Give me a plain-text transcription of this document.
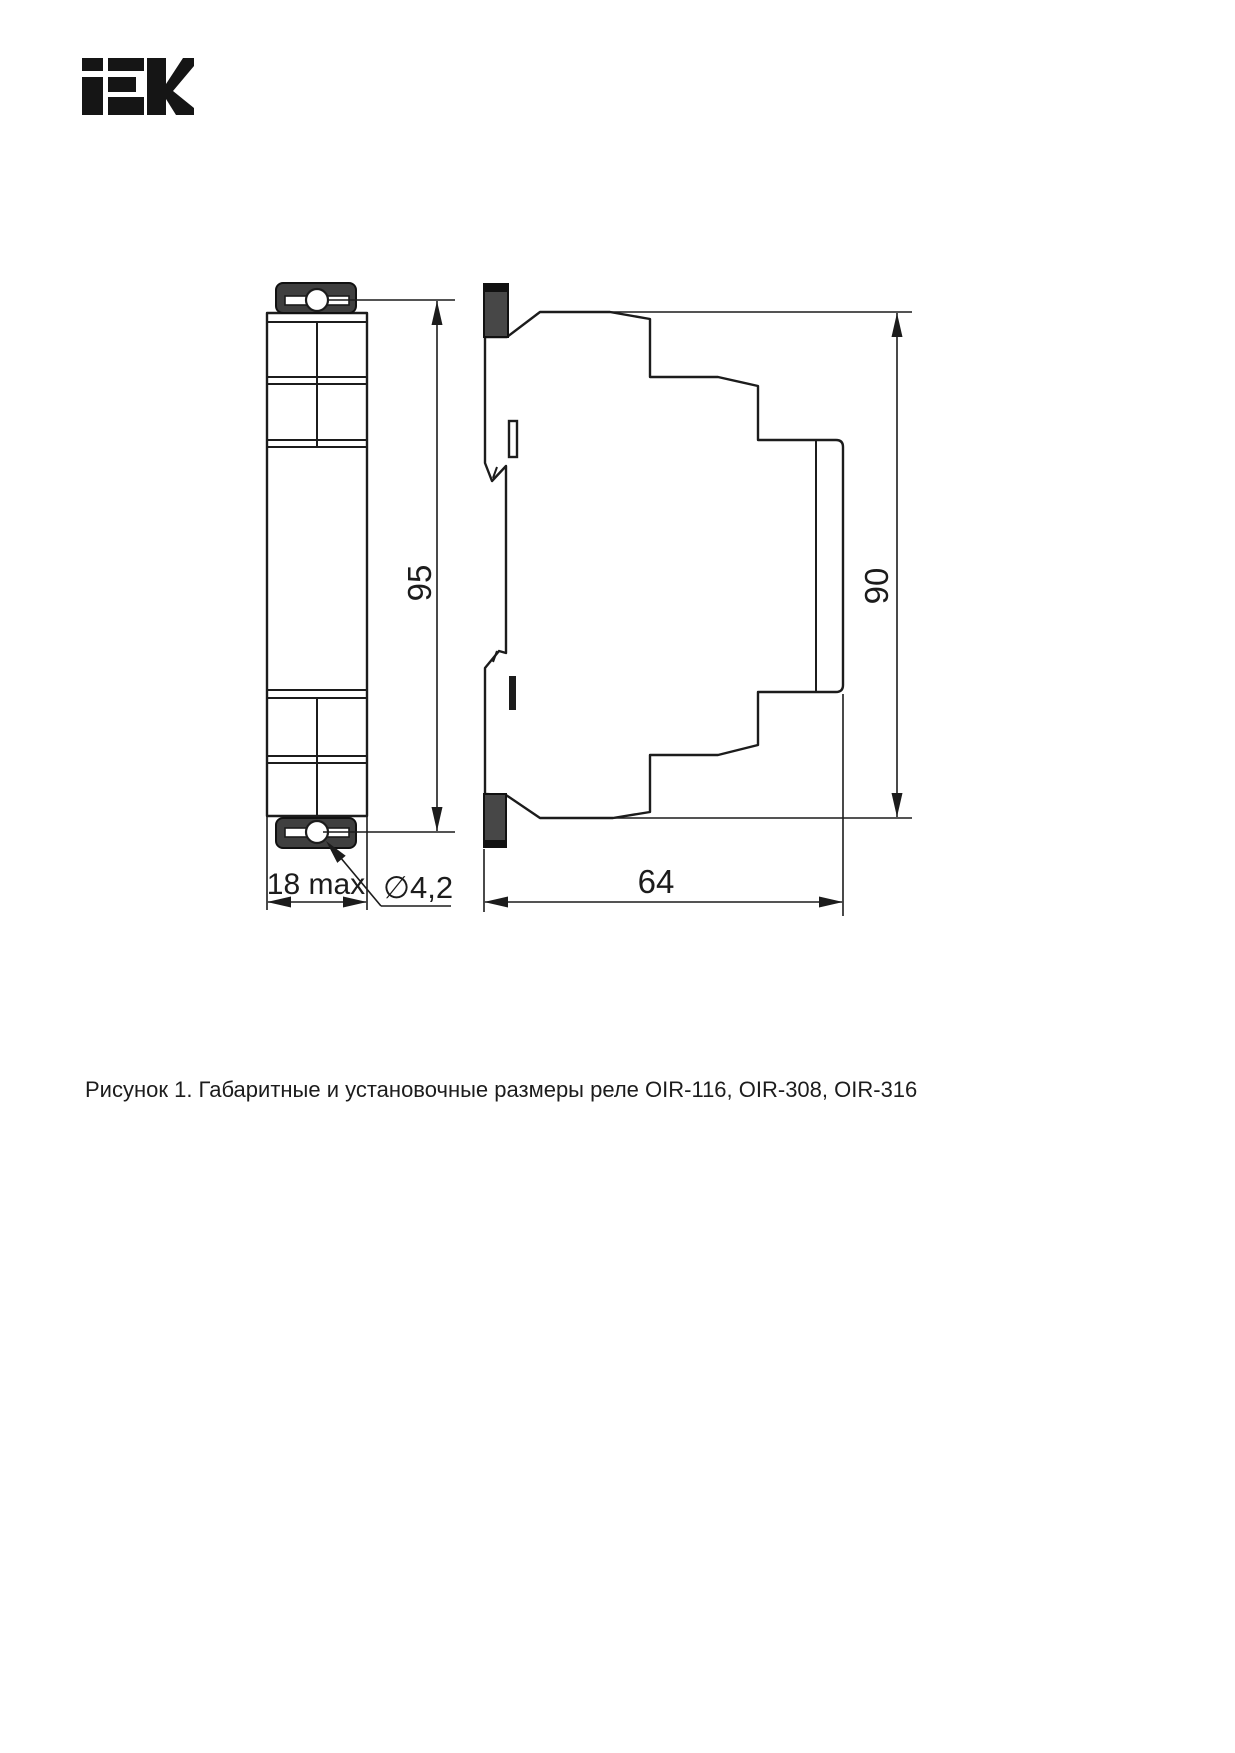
95
18 max ∅4,2
90
64
Рисунок 1. Габаритные и установочные размеры реле OIR-116, OIR-308, OIR-316
